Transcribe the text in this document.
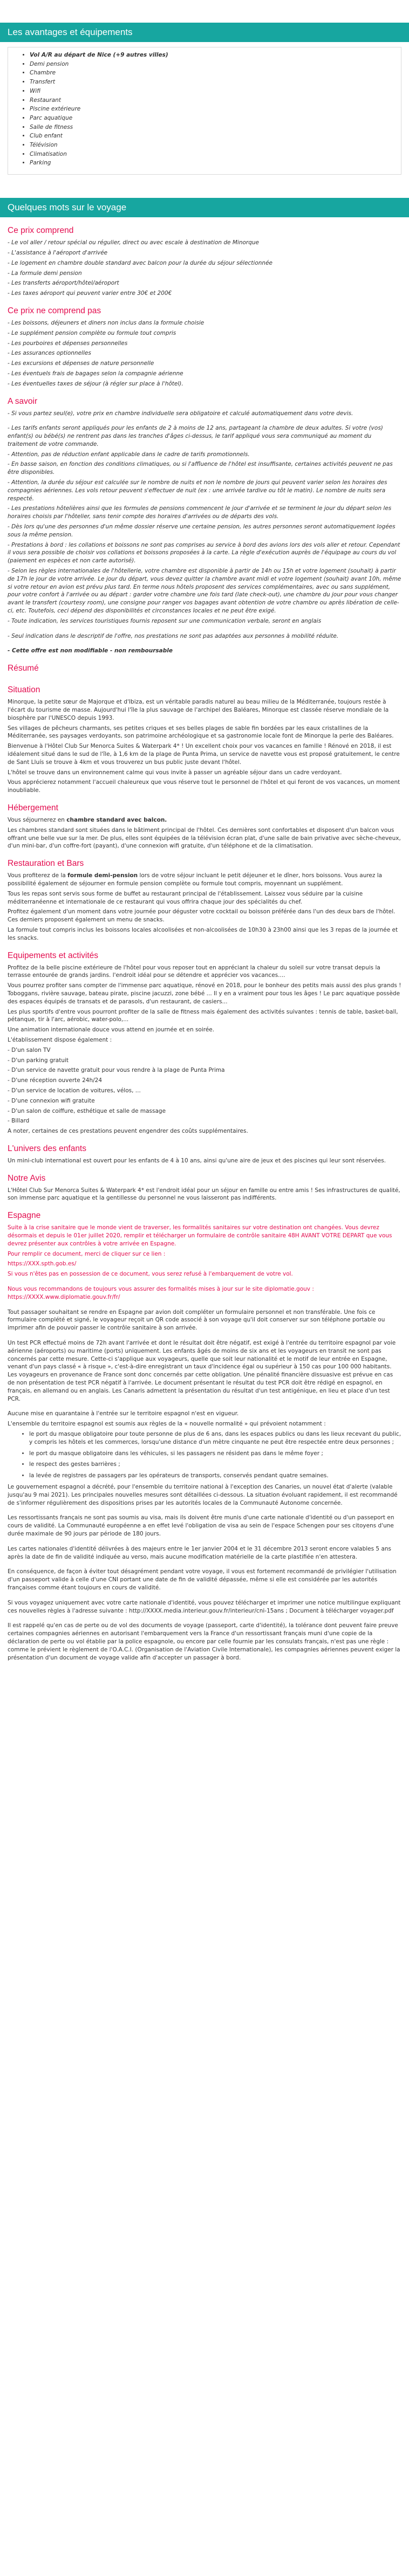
Les avantages et équipements
• Vol A/R au départ de Nice (+9 autres villes)
• Demi pension
• Chambre
• Transfert
• Wifi
• Restaurant
• Piscine extérieure
• Parc aquatique
• Salle de fitness
• Club enfant
• Télévision
• Climatisation
• Parking
Quelques mots sur le voyage
Ce prix comprend

- Le vol aller / retour spécial ou régulier, direct ou avec escale à destination de Minorque

- L'assistance à l'aéroport d'arrivée

- Le logement en chambre double standard avec balcon pour la durée du séjour sélectionnée

- La formule demi pension

- Les transferts aéroport/hôtel/aéroport

- Les taxes aéroport qui peuvent varier entre 30€ et 200€

Ce prix ne comprend pas

- Les boissons, déjeuners et diners non inclus dans la formule choisie

- Le supplément pension complète ou formule tout compris

- Les pourboires et dépenses personnelles

- Les assurances optionnelles

- Les excursions et dépenses de nature personnelle

- Les éventuels frais de bagages selon la compagnie aérienne

- Les éventuelles taxes de séjour (à régler sur place à l'hôtel).

A savoir

- Si vous partez seul(e), votre prix en chambre individuelle sera obligatoire et calculé automatiquement dans votre devis.

- Les tarifs enfants seront appliqués pour les enfants de 2 à moins de 12 ans, partageant la chambre de deux adultes. Si votre (vos) enfant(s) ou bébé(s) ne rentrent pas dans les tranches d'âges ci-dessus, le tarif appliqué vous sera communiqué au moment du traitement de votre commande.

- Attention, pas de réduction enfant applicable dans le cadre de tarifs promotionnels.

- En basse saison, en fonction des conditions climatiques, ou si l'affluence de l'hôtel est insuffisante, certaines activités peuvent ne pas être disponibles.

- Attention, la durée du séjour est calculée sur le nombre de nuits et non le nombre de jours qui peuvent varier selon les horaires des compagnies aériennes. Les vols retour peuvent s'effectuer de nuit (ex : une arrivée tardive ou tôt le matin). Le nombre de nuits sera respecté.

- Les prestations hôtelières ainsi que les formules de pensions commencent le jour d'arrivée et se terminent le jour du départ selon les horaires choisis par l'hôtelier, sans tenir compte des horaires d'arrivées ou de départs des vols.

- Dès lors qu'une des personnes d'un même dossier réserve une certaine pension, les autres personnes seront automatiquement logées sous la même pension.

- Prestations à bord : les collations et boissons ne sont pas comprises au service à bord des avions lors des vols aller et retour. Cependant il vous sera possible de choisir vos collations et boissons proposées à la carte. La règle d'exécution auprès de l'équipage au cours du vol (paiement en espèces et non carte autorisé).

- Selon les règles internationales de l'hôtellerie, votre chambre est disponible à partir de 14h ou 15h et votre logement (souhait) à partir de 17h le jour de votre arrivée. Le jour du départ, vous devez quitter la chambre avant midi et votre logement (souhait) avant 10h, même si votre retour en avion est prévu plus tard. En terme nous hôtels proposent des services complémentaires, avec ou sans supplément, pour votre confort à l'arrivée ou au départ : garder votre chambre une fois tard (late check-out), une chambre du jour pour vous changer avant le transfert (courtesy room), une consigne pour ranger vos bagages avant obtention de votre chambre ou après libération de celle-ci, etc. Toutefois, ceci dépend des disponibilités et circonstances locales et ne peut être exigé.

- Toute indication, les services touristiques fournis reposent sur une communication verbale, seront en anglais

- Seul indication dans le descriptif de l'offre, nos prestations ne sont pas adaptées aux personnes à mobilité réduite.

- Cette offre est non modifiable - non remboursable

Résumé
Situation

Minorque, la petite sœur de Majorque et d'Ibiza, est un véritable paradis naturel au beau milieu de la Méditerranée, toujours restée à l'écart du tourisme de masse. Aujourd'hui l'île la plus sauvage de l'archipel des Baléares, Minorque est classée réserve mondiale de la biosphère par l'UNESCO depuis 1993.

Ses villages de pêcheurs charmants, ses petites criques et ses belles plages de sable fin bordées par les eaux cristallines de la Méditerranée, ses paysages verdoyants, son patrimoine archéologique et sa gastronomie locale font de Minorque la perle des Baléares.

Bienvenue à l'Hôtel Club Sur Menorca Suites & Waterpark 4* ! Un excellent choix pour vos vacances en famille ! Rénové en 2018, il est idéalement situé dans le sud de l'île, à 1,6 km de la plage de Punta Prima, un service de navette vous est proposé gratuitement, le centre de Sant Lluís se trouve à 4km et vous trouverez un bus public juste devant l'hôtel.

L'hôtel se trouve dans un environnement calme qui vous invite à passer un agréable séjour dans un cadre verdoyant.

Vous apprécierez notamment l'accueil chaleureux que vous réserve tout le personnel de l'hôtel et qui feront de vos vacances, un moment inoubliable.

Hébergement

Vous séjournerez en chambre standard avec balcon.

Les chambres standard sont situées dans le bâtiment principal de l'hôtel. Ces dernières sont confortables et disposent d'un balcon vous offrant une belle vue sur la mer. De plus, elles sont équipées de la télévision écran plat, d'une salle de bain privative avec sèche-cheveux, d'un mini-bar, d'un coffre-fort (payant), d'une connexion wifi gratuite, d'un téléphone et de la climatisation.

Restauration et Bars

Vous profiterez de la formule demi-pension lors de votre séjour incluant le petit déjeuner et le dîner, hors boissons. Vous aurez la possibilité également de séjourner en formule pension complète ou formule tout compris, moyennant un supplément.

Tous les repas sont servis sous forme de buffet au restaurant principal de l'établissement. Laissez vous séduire par la cuisine méditerranéenne et internationale de ce restaurant qui vous offrira chaque jour des spécialités du chef.

Profitez également d'un moment dans votre journée pour déguster votre cocktail ou boisson préférée dans l'un des deux bars de l'hôtel. Ces derniers proposent également un menu de snacks.

La formule tout compris inclus les boissons locales alcoolisées et non-alcoolisées de 10h30 à 23h00 ainsi que les 3 repas de la journée et les snacks.

Equipements et activités

Profitez de la belle piscine extérieure de l'hôtel pour vous reposer tout en appréciant la chaleur du soleil sur votre transat depuis la terrasse entourée de grands jardins. l'endroit idéal pour se détendre et apprécier vos vacances....

Vous pourrez profiter sans compter de l'immense parc aquatique, rénové en 2018, pour le bonheur des petits mais aussi des plus grands ! Toboggans, rivière sauvage, bateau pirate, piscine jacuzzi, zone bébé ... Il y en a vraiment pour tous les âges ! Le parc aquatique possède des espaces équipés de transats et de parasols, d'un restaurant, de casiers...

Les plus sportifs d'entre vous pourront profiter de la salle de fitness mais également des activités suivantes : tennis de table, basket-ball, pétanque, tir à l'arc, aérobic, water-polo,...

Une animation internationale douce vous attend en journée et en soirée.

L'établissement dispose également :

- D'un salon TV

- D'un parking gratuit

- D'un service de navette gratuit pour vous rendre à la plage de Punta Prima

- D'une réception ouverte 24h/24

- D'un service de location de voitures, vélos, ...

- D'une connexion wifi gratuite

- D'un salon de coiffure, esthétique et salle de massage

- Billard

A noter, certaines de ces prestations peuvent engendrer des coûts supplémentaires.

L'univers des enfants

Un mini-club international est ouvert pour les enfants de 4 à 10 ans, ainsi qu'une aire de jeux et des piscines qui leur sont réservées.

Notre Avis

L'Hôtel Club Sur Menorca Suites & Waterpark 4* est l'endroit idéal pour un séjour en famille ou entre amis ! Ses infrastructures de qualité, son immense parc aquatique et la gentillesse du personnel ne vous laisseront pas indifférents.

Espagne

Suite à la crise sanitaire que le monde vient de traverser, les formalités sanitaires sur votre destination ont changées. Vous devrez désormais et depuis le 01er juillet 2020, remplir et télécharger un formulaire de contrôle sanitaire 48H AVANT VOTRE DEPART que vous devrez présenter aux contrôles à votre arrivée en Espagne.

Pour remplir ce document, merci de cliquer sur ce lien :

https://XXX.spth.gob.es/

Si vous n'êtes pas en possession de ce document, vous serez refusé à l'embarquement de votre vol.

Nous vous recommandons de toujours vous assurer des formalités mises à jour sur le site diplomatie.gouv : https://XXXX.www.diplomatie.gouv.fr/fr/

Tout passager souhaitant se rendre en Espagne par avion doit compléter un formulaire personnel et non transférable. Une fois ce formulaire complété et signé, le voyageur reçoit un QR code associé à son voyage qu'il doit conserver sur son téléphone portable ou imprimer afin de pouvoir passer le contrôle sanitaire à son arrivée.

Un test PCR effectué moins de 72h avant l'arrivée et dont le résultat doit être négatif, est exigé à l'entrée du territoire espagnol par voie aérienne (aéroports) ou maritime (ports) uniquement. Les enfants âgés de moins de six ans et les voyageurs en transit ne sont pas concernés par cette mesure. Cette-ci s'applique aux voyageurs, quelle que soit leur nationalité et le motif de leur entrée en Espagne, venant d'un pays classé « à risque », c'est-à-dire enregistrant un taux d'incidence égal ou supérieur à 150 cas pour 100 000 habitants. Les voyageurs en provenance de France sont donc concernés par cette obligation. Une pénalité financière dissuasive est prévue en cas de non présentation de test PCR négatif à l'arrivée. Le document présentant le résultat du test PCR doit être rédigé en espagnol, en français, en allemand ou en anglais. Les Canaris admettent la présentation du résultat d'un test antigénique, en lieu et place d'un test PCR.

Aucune mise en quarantaine à l'entrée sur le territoire espagnol n'est en vigueur.

L'ensemble du territoire espagnol est soumis aux règles de la « nouvelle normalité » qui prévoient notamment :

• le port du masque obligatoire pour toute personne de plus de 6 ans, dans les espaces publics ou dans les lieux recevant du public, y compris les hôtels et les commerces, lorsqu'une distance d'un mètre cinquante ne peut être respectée entre deux personnes ;
• le port du masque obligatoire dans les véhicules, si les passagers ne résident pas dans le même foyer ;
• le respect des gestes barrières ;
• la levée de registres de passagers par les opérateurs de transports, conservés pendant quatre semaines.

Le gouvernement espagnol a décrété, pour l'ensemble du territoire national à l'exception des Canaries, un nouvel état d'alerte (valable jusqu'au 9 mai 2021). Les principales nouvelles mesures sont détaillées ci-dessous. La situation évoluant rapidement, il est recommandé de s'informer régulièrement des dispositions prises par les autorités locales de la Communauté Autonome concernée.

Les ressortissants français ne sont pas soumis au visa, mais ils doivent être munis d'une carte nationale d'identité ou d'un passeport en cours de validité. La Communauté européenne a en effet levé l'obligation de visa au sein de l'espace Schengen pour ses citoyens d'une durée maximale de 90 jours par période de 180 jours.

Les cartes nationales d'identité délivrées à des majeurs entre le 1er janvier 2004 et le 31 décembre 2013 seront encore valables 5 ans après la date de fin de validité indiquée au verso, mais aucune modification matérielle de la carte plastifiée n'en attestera.

En conséquence, de façon à éviter tout désagrément pendant votre voyage, il vous est fortement recommandé de privilégier l'utilisation d'un passeport valide à celle d'une CNI portant une date de fin de validité dépassée, même si elle est considérée par les autorités françaises comme étant toujours en cours de validité.

Si vous voyagez uniquement avec votre carte nationale d'identité, vous pouvez télécharger et imprimer une notice multilingue expliquant ces nouvelles règles à l'adresse suivante : http://XXXX.media.interieur.gouv.fr/interieur/cni-15ans ; Document à télécharger voyager.pdf

Il est rappelé qu'en cas de perte ou de vol des documents de voyage (passeport, carte d'identité), la tolérance dont peuvent faire preuve certaines compagnies aériennes en autorisant l'embarquement vers la France d'un ressortissant français muni d'une copie de la déclaration de perte ou vol établie par la police espagnole, ou encore par celle fournie par les consulats français, n'est pas une règle : comme le prévient le règlement de l'O.A.C.I. (Organisation de l'Aviation Civile Internationale), les compagnies aériennes peuvent exiger la présentation d'un document de voyage valide afin d'accepter un passager à bord.
